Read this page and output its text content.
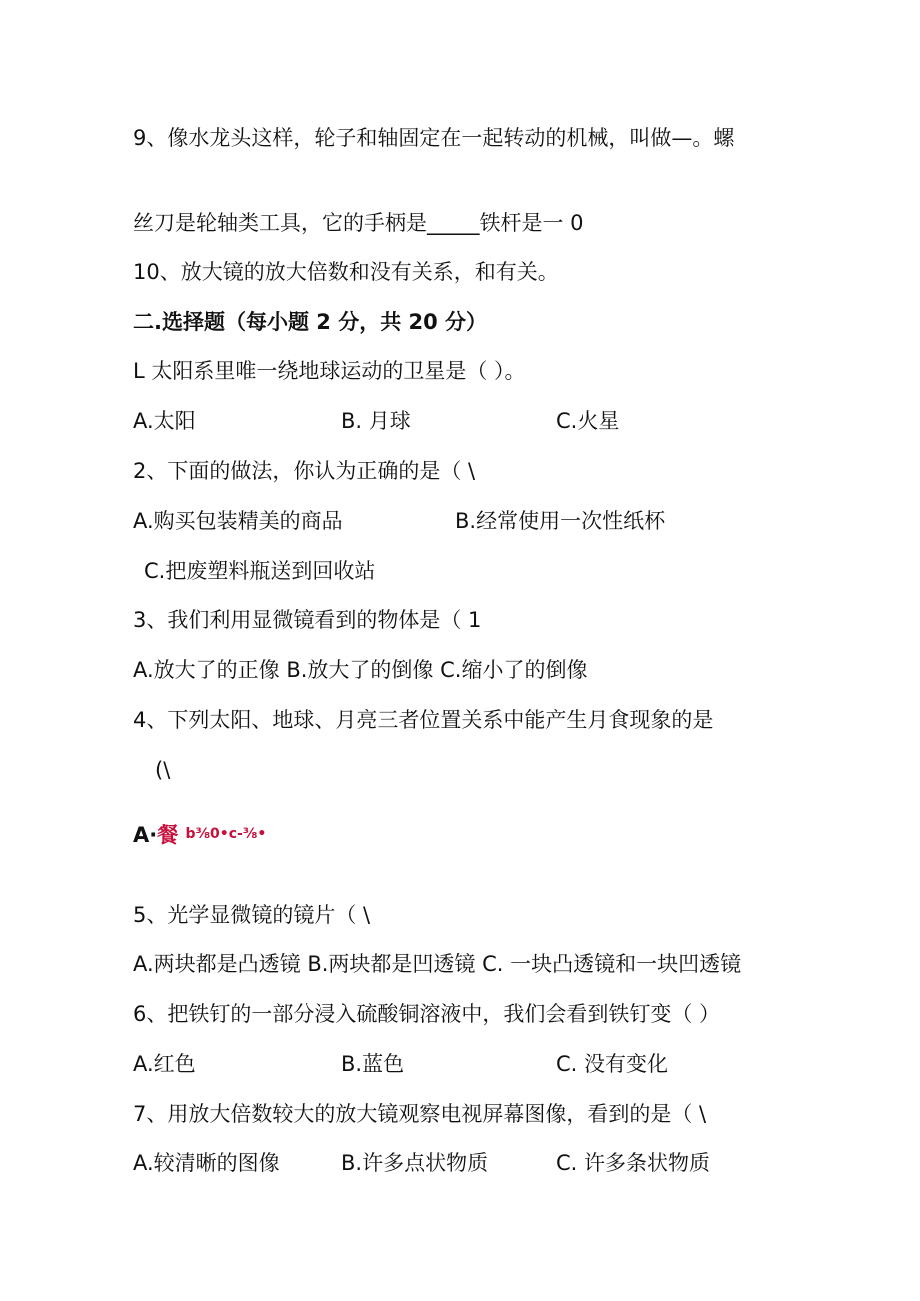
9、像水龙头这样，轮子和轴固定在一起转动的机械，叫做—。螺
丝刀是轮轴类工具，它的手柄是_____铁杆是一 0
10、放大镜的放大倍数和没有关系，和有关。
二.选择题（每小题 2 分，共 20 分）
L 太阳系里唯一绕地球运动的卫星是（ ）。
A.太阳	B. 月球	C.火星
2、下面的做法，你认为正确的是（ \
A.购买包装精美的商品	B.经常使用一次性纸杯
C.把废塑料瓶送到回收站
3、我们利用显微镜看到的物体是（ 1
A.放大了的正像 B.放大了的倒像 C.缩小了的倒像
4、下列太阳、地球、月亮三者位置关系中能产生月食现象的是
(\
A·餐 b⅜0•c-⅜•
5、光学显微镜的镜片（ \
A.两块都是凸透镜 B.两块都是凹透镜 C. 一块凸透镜和一块凹透镜
6、把铁钉的一部分浸入硫酸铜溶液中，我们会看到铁钉变（ ）
A.红色	B.蓝色	C. 没有变化
7、用放大倍数较大的放大镜观察电视屏幕图像，看到的是（ \
A.较清晰的图像	B.许多点状物质	C. 许多条状物质
